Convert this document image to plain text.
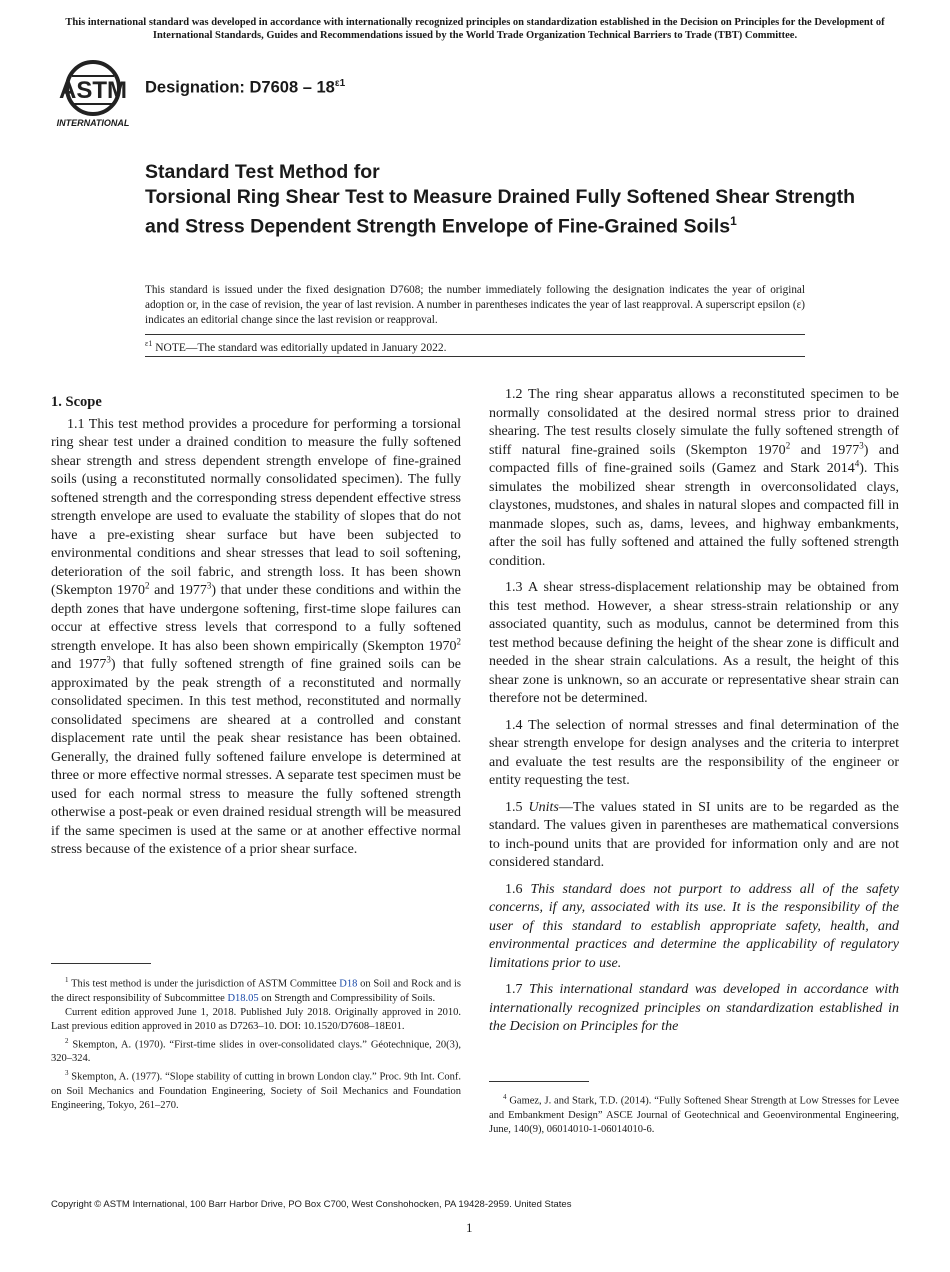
This international standard was developed in accordance with internationally recognized principles on standardization established in the Decision on Principles for the Development of International Standards, Guides and Recommendations issued by the World Trade Organization Technical Barriers to Trade (TBT) Committee.
ASTM
INTERNATIONAL
Designation: $D7608 - 18^{\varepsilon 1}$
Standard Test Method for
Torsional Ring Shear Test to Measure Drained Fully Softened Shear Strength and Stress Dependent Strength Envelope of Fine-Grained Soils$^1$
This standard is issued under the fixed designation D7608; the number immediately following the designation indicates the year of original adoption or, in the case of revision, the year of last revision. A number in parentheses indicates the year of last reapproval. A superscript epsilon (ε) indicates an editorial change since the last revision or reapproval.
$^{\varepsilon 1}$ NOTE—The standard was editorially updated in January 2022.
1. Scope

1.1 This test method provides a procedure for performing a torsional ring shear test under a drained condition to measure the fully softened shear strength and stress dependent strength envelope of fine-grained soils (using a reconstituted normally consolidated specimen). The fully softened strength and the corresponding stress dependent effective stress strength envelope are used to evaluate the stability of slopes that do not have a pre-existing shear surface but have been subjected to environmental conditions and shear stresses that lead to soil softening, deterioration of the soil fabric, and strength loss. It has been shown (Skempton 1970$^2$ and 1977$^3$) that under these conditions and within the depth zones that have undergone softening, first-time slope failures can occur at effective stress levels that correspond to a fully softened strength envelope. It has also been shown empirically (Skempton 1970$^2$ and 1977$^3$) that fully softened strength of fine grained soils can be approximated by the peak strength of a reconstituted and normally consolidated specimen. In this test method, reconstituted and normally consolidated specimens are sheared at a controlled and constant displacement rate until the peak shear resistance has been obtained. Generally, the drained fully softened failure envelope is determined at three or more effective normal stresses. A separate test specimen must be used for each normal stress to measure the fully softened strength otherwise a post-peak or even drained residual strength will be measured if the same specimen is used at the same or at another effective normal stress because of the existence of a prior shear surface.

1.2 The ring shear apparatus allows a reconstituted specimen to be normally consolidated at the desired normal stress prior to drained shearing. The test results closely simulate the fully softened strength of stiff natural fine-grained soils (Skempton 1970$^2$ and 1977$^3$) and compacted fills of fine-grained soils (Gamez and Stark 2014$^4$). This simulates the mobilized shear strength in overconsolidated clays, claystones, mudstones, and shales in natural slopes and compacted fill in manmade slopes, such as, dams, levees, and highway embankments, after the soil has fully softened and attained the fully softened strength condition.

1.3 A shear stress-displacement relationship may be obtained from this test method. However, a shear stress-strain relationship or any associated quantity, such as modulus, cannot be determined from this test method because defining the height of the shear zone is difficult and needed in the shear strain calculations. As a result, the height of this shear zone is unknown, so an accurate or representative shear strain can therefore not be determined.

1.4 The selection of normal stresses and final determination of the shear strength envelope for design analyses and the criteria to interpret and evaluate the test results are the responsibility of the engineer or entity requesting the test.

1.5 Units—The values stated in SI units are to be regarded as the standard. The values given in parentheses are mathematical conversions to inch-pound units that are provided for information only and are not considered standard.

1.6 This standard does not purport to address all of the safety concerns, if any, associated with its use. It is the responsibility of the user of this standard to establish appropriate safety, health, and environmental practices and determine the applicability of regulatory limitations prior to use.

1.7 This international standard was developed in accordance with internationally recognized principles on standardization established in the Decision on Principles for the

$^1$ This test method is under the jurisdiction of ASTM Committee D18 on Soil and Rock and is the direct responsibility of Subcommittee D18.05 on Strength and Compressibility of Soils.

Current edition approved June 1, 2018. Published July 2018. Originally approved in 2010. Last previous edition approved in 2010 as D7263–10. DOI: 10.1520/D7608–18E01.

$^2$ Skempton, A. (1970). “First-time slides in over-consolidated clays.” Géotechnique, 20(3), 320–324.

$^3$ Skempton, A. (1977). “Slope stability of cutting in brown London clay.” Proc. 9th Int. Conf. on Soil Mechanics and Foundation Engineering, Society of Soil Mechanics and Foundation Engineering, Tokyo, 261–270.

$^4$ Gamez, J. and Stark, T.D. (2014). “Fully Softened Shear Strength at Low Stresses for Levee and Embankment Design” ASCE Journal of Geotechnical and Geoenvironmental Engineering, June, 140(9), 06014010-1-06014010-6.

Copyright © ASTM International, 100 Barr Harbor Drive, PO Box C700, West Conshohocken, PA 19428-2959. United States
1
